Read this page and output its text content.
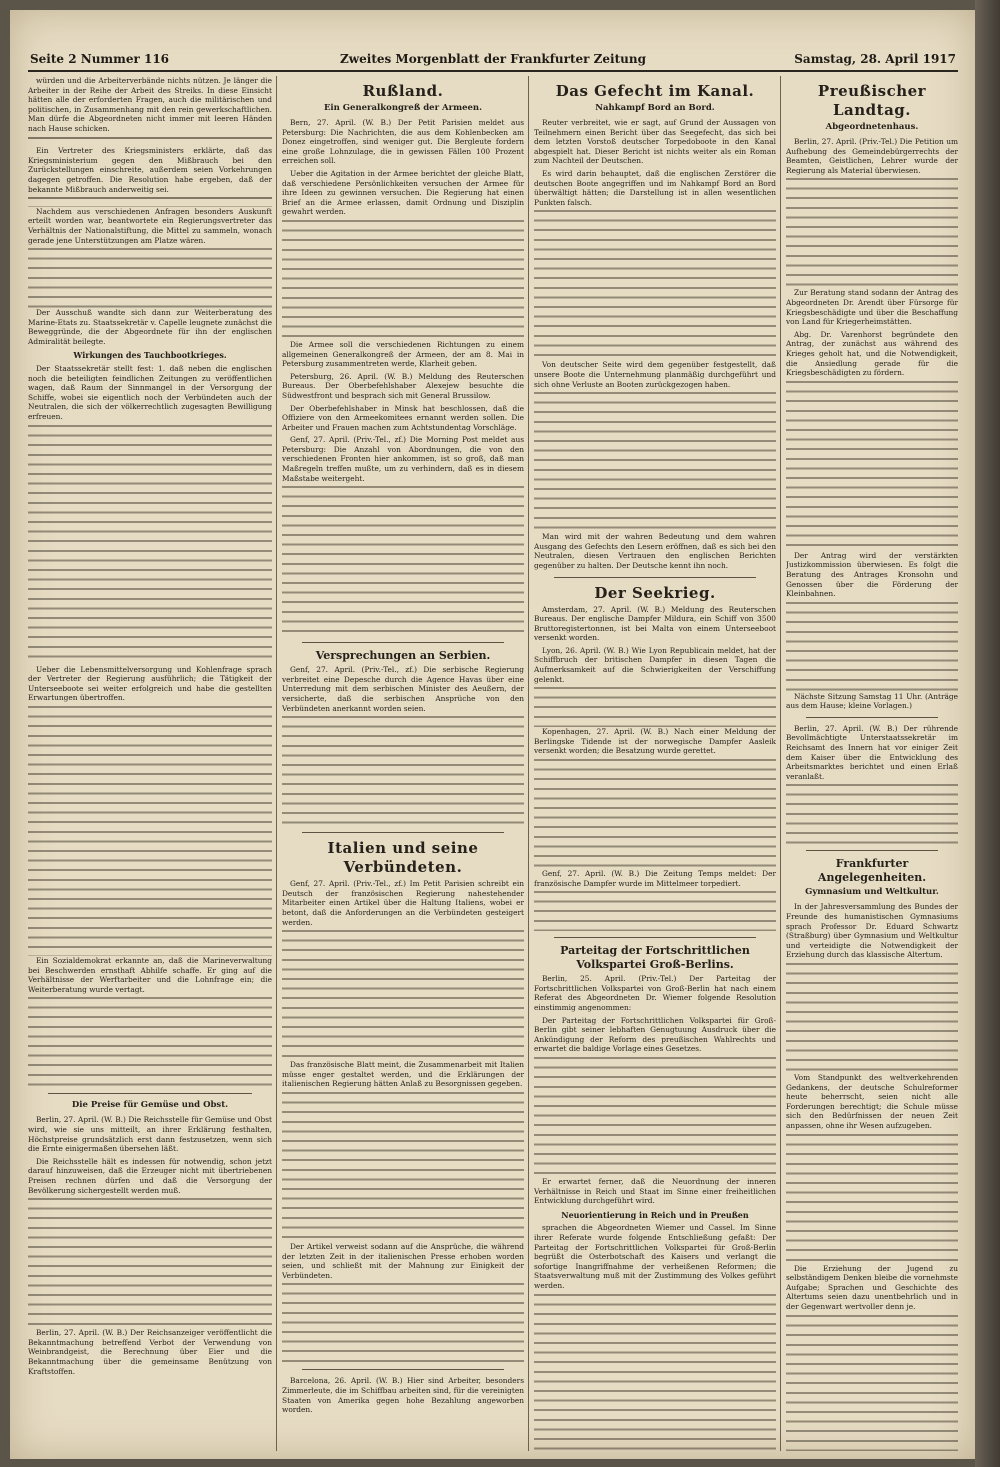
Seite 2 Nummer 116	Zweites Morgenblatt der Frankfurter Zeitung	Samstag, 28. April 1917

würden und die Arbeiterverbände nichts nützen. Je länger die Arbeiter in der Reihe der Arbeit des Streiks. In diese Einsicht hätten alle der erforderten Fragen, auch die militärischen und politischen, in Zusammenhang mit den rein gewerkschaftlichen. Man dürfe die Abgeordneten nicht immer mit leeren Händen nach Hause schicken.

Ein Vertreter des Kriegsministers erklärte, daß das Kriegsministerium gegen den Mißbrauch bei den Zurückstellungen einschreite, außerdem seien Vorkehrungen dagegen getroffen. Die Resolution habe ergeben, daß der bekannte Mißbrauch anderweitig sei.

Nachdem aus verschiedenen Anfragen besonders Auskunft erteilt worden war, beantwortete ein Regierungsvertreter das Verhältnis der Nationalstiftung, die Mittel zu sammeln, wonach gerade jene Unterstützungen am Platze wären.

Der Ausschuß wandte sich dann zur Weiterberatung des Marine-Etats zu. Staatssekretär v. Capelle leugnete zunächst die Beweggründe, die der Abgeordnete für ihn der englischen Admiralität beilegte.

Wirkungen des Tauchbootkrieges.

Der Staatssekretär stellt fest: 1. daß neben die englischen noch die beteiligten feindlichen Zeitungen zu veröffentlichen wagen, daß Raum der Sinnmangel in der Versorgung der Schiffe, wobei sie eigentlich noch der Verbündeten auch der Neutralen, die sich der völkerrechtlich zugesagten Bewilligung erfreuen.

Ueber die Lebensmittelversorgung und Kohlenfrage sprach der Vertreter der Regierung ausführlich; die Tätigkeit der Unterseeboote sei weiter erfolgreich und habe die gestellten Erwartungen übertroffen.

Ein Sozialdemokrat erkannte an, daß die Marineverwaltung bei Beschwerden ernsthaft Abhilfe schaffe. Er ging auf die Verhältnisse der Werftarbeiter und die Lohnfrage ein; die Weiterberatung wurde vertagt.

Die Preise für Gemüse und Obst.

Berlin, 27. April. (W. B.) Die Reichsstelle für Gemüse und Obst wird, wie sie uns mitteilt, an ihrer Erklärung festhalten, Höchstpreise grundsätzlich erst dann festzusetzen, wenn sich die Ernte einigermaßen übersehen läßt.

Die Reichsstelle hält es indessen für notwendig, schon jetzt darauf hinzuweisen, daß die Erzeuger nicht mit übertriebenen Preisen rechnen dürfen und daß die Versorgung der Bevölkerung sichergestellt werden muß.

Berlin, 27. April. (W. B.) Der Reichsanzeiger veröffentlicht die Bekanntmachung betreffend Verbot der Verwendung von Weinbrandgeist, die Berechnung über Eier und die Bekanntmachung über die gemeinsame Benützung von Kraftstoffen.

Rußland.
Ein Generalkongreß der Armeen.

Bern, 27. April. (W. B.) Der Petit Parisien meldet aus Petersburg: Die Nachrichten, die aus dem Kohlenbecken am Donez eingetroffen, sind weniger gut. Die Bergleute fordern eine große Lohnzulage, die in gewissen Fällen 100 Prozent erreichen soll.

Ueber die Agitation in der Armee berichtet der gleiche Blatt, daß verschiedene Persönlichkeiten versuchen der Armee für ihre Ideen zu gewinnen versuchen. Die Regierung hat einen Brief an die Armee erlassen, damit Ordnung und Disziplin gewahrt werden.

Die Armee soll die verschiedenen Richtungen zu einem allgemeinen Generalkongreß der Armeen, der am 8. Mai in Petersburg zusammentreten werde, Klarheit geben.

Petersburg, 26. April. (W. B.) Meldung des Reuterschen Bureaus. Der Oberbefehlshaber Alexejew besuchte die Südwestfront und besprach sich mit General Brussilow.

Der Oberbefehlshaber in Minsk hat beschlossen, daß die Offiziere von den Armeekomitees ernannt werden sollen. Die Arbeiter und Frauen machen zum Achtstundentag Vorschläge.

Genf, 27. April. (Priv.-Tel., zf.) Die Morning Post meldet aus Petersburg: Die Anzahl von Abordnungen, die von den verschiedenen Fronten hier ankommen, ist so groß, daß man Maßregeln treffen mußte, um zu verhindern, daß es in diesem Maßstabe weitergeht.

Versprechungen an Serbien.

Genf, 27. April. (Priv.-Tel., zf.) Die serbische Regierung verbreitet eine Depesche durch die Agence Havas über eine Unterredung mit dem serbischen Minister des Aeußern, der versicherte, daß die serbischen Ansprüche von den Verbündeten anerkannt worden seien.

Italien und seine Verbündeten.

Genf, 27. April. (Priv.-Tel., zf.) Im Petit Parisien schreibt ein Deutsch der französischen Regierung nahestehender Mitarbeiter einen Artikel über die Haltung Italiens, wobei er betont, daß die Anforderungen an die Verbündeten gesteigert werden.

Das französische Blatt meint, die Zusammenarbeit mit Italien müsse enger gestaltet werden, und die Erklärungen der italienischen Regierung hätten Anlaß zu Besorgnissen gegeben.

Der Artikel verweist sodann auf die Ansprüche, die während der letzten Zeit in der italienischen Presse erhoben worden seien, und schließt mit der Mahnung zur Einigkeit der Verbündeten.

Barcelona, 26. April. (W. B.) Hier sind Arbeiter, besonders Zimmerleute, die im Schiffbau arbeiten sind, für die vereinigten Staaten von Amerika gegen hohe Bezahlung angeworben worden.

Das Gefecht im Kanal.
Nahkampf Bord an Bord.

Reuter verbreitet, wie er sagt, auf Grund der Aussagen von Teilnehmern einen Bericht über das Seegefecht, das sich bei dem letzten Vorstoß deutscher Torpedoboote in den Kanal abgespielt hat. Dieser Bericht ist nichts weiter als ein Roman zum Nachteil der Deutschen.

Es wird darin behauptet, daß die englischen Zerstörer die deutschen Boote angegriffen und im Nahkampf Bord an Bord überwältigt hätten; die Darstellung ist in allen wesentlichen Punkten falsch.

Von deutscher Seite wird dem gegenüber festgestellt, daß unsere Boote die Unternehmung planmäßig durchgeführt und sich ohne Verluste an Booten zurückgezogen haben.

Man wird mit der wahren Bedeutung und dem wahren Ausgang des Gefechts den Lesern eröffnen, daß es sich bei den Neutralen, diesen Vertrauen den englischen Berichten gegenüber zu halten. Der Deutsche kennt ihn noch.

Der Seekrieg.

Amsterdam, 27. April. (W. B.) Meldung des Reuterschen Bureaus. Der englische Dampfer Mildura, ein Schiff von 3500 Bruttoregistertonnen, ist bei Malta von einem Unterseeboot versenkt worden.

Lyon, 26. April. (W. B.) Wie Lyon Republicain meldet, hat der Schiffbruch der britischen Dampfer in diesen Tagen die Aufmerksamkeit auf die Schwierigkeiten der Verschiffung gelenkt.

Kopenhagen, 27. April. (W. B.) Nach einer Meldung der Berlingske Tidende ist der norwegische Dampfer Aasleik versenkt worden; die Besatzung wurde gerettet.

Genf, 27. April. (W. B.) Die Zeitung Temps meldet: Der französische Dampfer wurde im Mittelmeer torpediert.

Parteitag der Fortschrittlichen Volkspartei Groß-Berlins.

Berlin, 25. April. (Priv.-Tel.) Der Parteitag der Fortschrittlichen Volkspartei von Groß-Berlin hat nach einem Referat des Abgeordneten Dr. Wiemer folgende Resolution einstimmig angenommen:

Der Parteitag der Fortschrittlichen Volkspartei für Groß-Berlin gibt seiner lebhaften Genugtuung Ausdruck über die Ankündigung der Reform des preußischen Wahlrechts und erwartet die baldige Vorlage eines Gesetzes.

Er erwartet ferner, daß die Neuordnung der inneren Verhältnisse in Reich und Staat im Sinne einer freiheitlichen Entwicklung durchgeführt wird.

Neuorientierung in Reich und in Preußen

sprachen die Abgeordneten Wiemer und Cassel. Im Sinne ihrer Referate wurde folgende Entschließung gefaßt: Der Parteitag der Fortschrittlichen Volkspartei für Groß-Berlin begrüßt die Osterbotschaft des Kaisers und verlangt die sofortige Inangriffnahme der verheißenen Reformen; die Staatsverwaltung muß mit der Zustimmung des Volkes geführt werden.

Preußischer Landtag.
Abgeordnetenhaus.

Berlin, 27. April. (Priv.-Tel.) Die Petition um Aufhebung des Gemeindebürgerrechts der Beamten, Geistlichen, Lehrer wurde der Regierung als Material überwiesen.

Zur Beratung stand sodann der Antrag des Abgeordneten Dr. Arendt über Fürsorge für Kriegsbeschädigte und über die Beschaffung von Land für Kriegerheimstätten.

Abg. Dr. Varenhorst begründete den Antrag, der zunächst aus während des Krieges geholt hat, und die Notwendigkeit, die Ansiedlung gerade für die Kriegsbeschädigten zu fördern.

Der Antrag wird der verstärkten Justizkommission überwiesen. Es folgt die Beratung des Antrages Kronsohn und Genossen über die Förderung der Kleinbahnen.

Nächste Sitzung Samstag 11 Uhr. (Anträge aus dem Hause; kleine Vorlagen.)

Berlin, 27. April. (W. B.) Der rührende Bevollmächtigte Unterstaatssekretär im Reichsamt des Innern hat vor einiger Zeit dem Kaiser über die Entwicklung des Arbeitsmarktes berichtet und einen Erlaß veranlaßt.

Frankfurter Angelegenheiten.
Gymnasium und Weltkultur.

In der Jahresversammlung des Bundes der Freunde des humanistischen Gymnasiums sprach Professor Dr. Eduard Schwartz (Straßburg) über Gymnasium und Weltkultur und verteidigte die Notwendigkeit der Erziehung durch das klassische Altertum.

Vom Standpunkt des weltverkehrenden Gedankens, der deutsche Schulreformer heute beherrscht, seien nicht alle Forderungen berechtigt; die Schule müsse sich den Bedürfnissen der neuen Zeit anpassen, ohne ihr Wesen aufzugeben.

Die Erziehung der Jugend zu selbständigem Denken bleibe die vornehmste Aufgabe; Sprachen und Geschichte des Altertums seien dazu unentbehrlich und in der Gegenwart wertvoller denn je.
